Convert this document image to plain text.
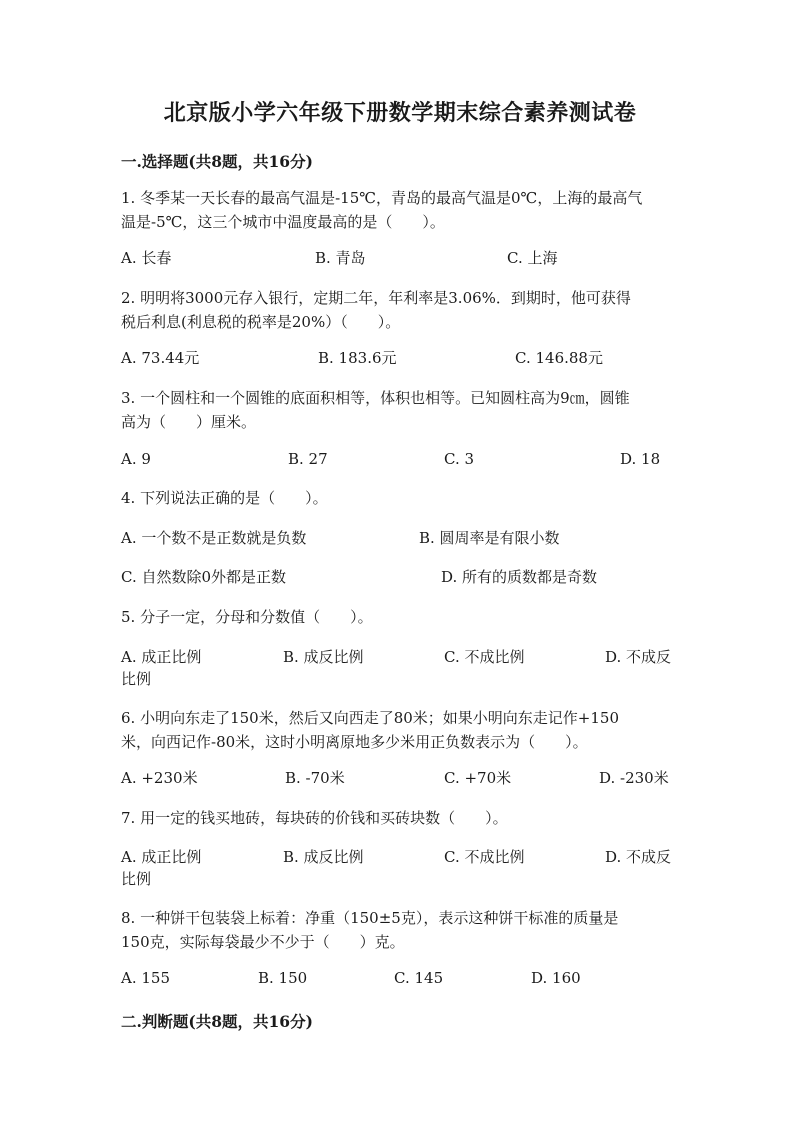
北京版小学六年级下册数学期末综合素养测试卷
一.选择题(共8题，共16分)
1. 冬季某一天长春的最高气温是-15℃，青岛的最高气温是0℃，上海的最高气
温是-5℃，这三个城市中温度最高的是（　　）。
A. 长春	B. 青岛	C. 上海
2. 明明将3000元存入银行，定期二年，年利率是3.06%．到期时，他可获得
税后利息(利息税的税率是20%）（　　）。
A. 73.44元	B. 183.6元	C. 146.88元
3. 一个圆柱和一个圆锥的底面积相等，体积也相等。已知圆柱高为9㎝，圆锥
高为（　　）厘米。
A. 9	B. 27	C. 3	D. 18
4. 下列说法正确的是（　　）。
A. 一个数不是正数就是负数	B. 圆周率是有限小数
C. 自然数除0外都是正数	D. 所有的质数都是奇数
5. 分子一定，分母和分数值（　　）。
A. 成正比例	B. 成反比例	C. 不成比例	D. 不成反比例
6. 小明向东走了150米，然后又向西走了80米；如果小明向东走记作+150
米，向西记作-80米，这时小明离原地多少米用正负数表示为（　　）。
A. +230米	B. -70米	C. +70米	D. -230米
7. 用一定的钱买地砖，每块砖的价钱和买砖块数（　　）。
A. 成正比例	B. 成反比例	C. 不成比例	D. 不成反比例
8. 一种饼干包装袋上标着：净重（150±5克），表示这种饼干标准的质量是
150克，实际每袋最少不少于（　　）克。
A. 155	B. 150	C. 145	D. 160
二.判断题(共8题，共16分)
